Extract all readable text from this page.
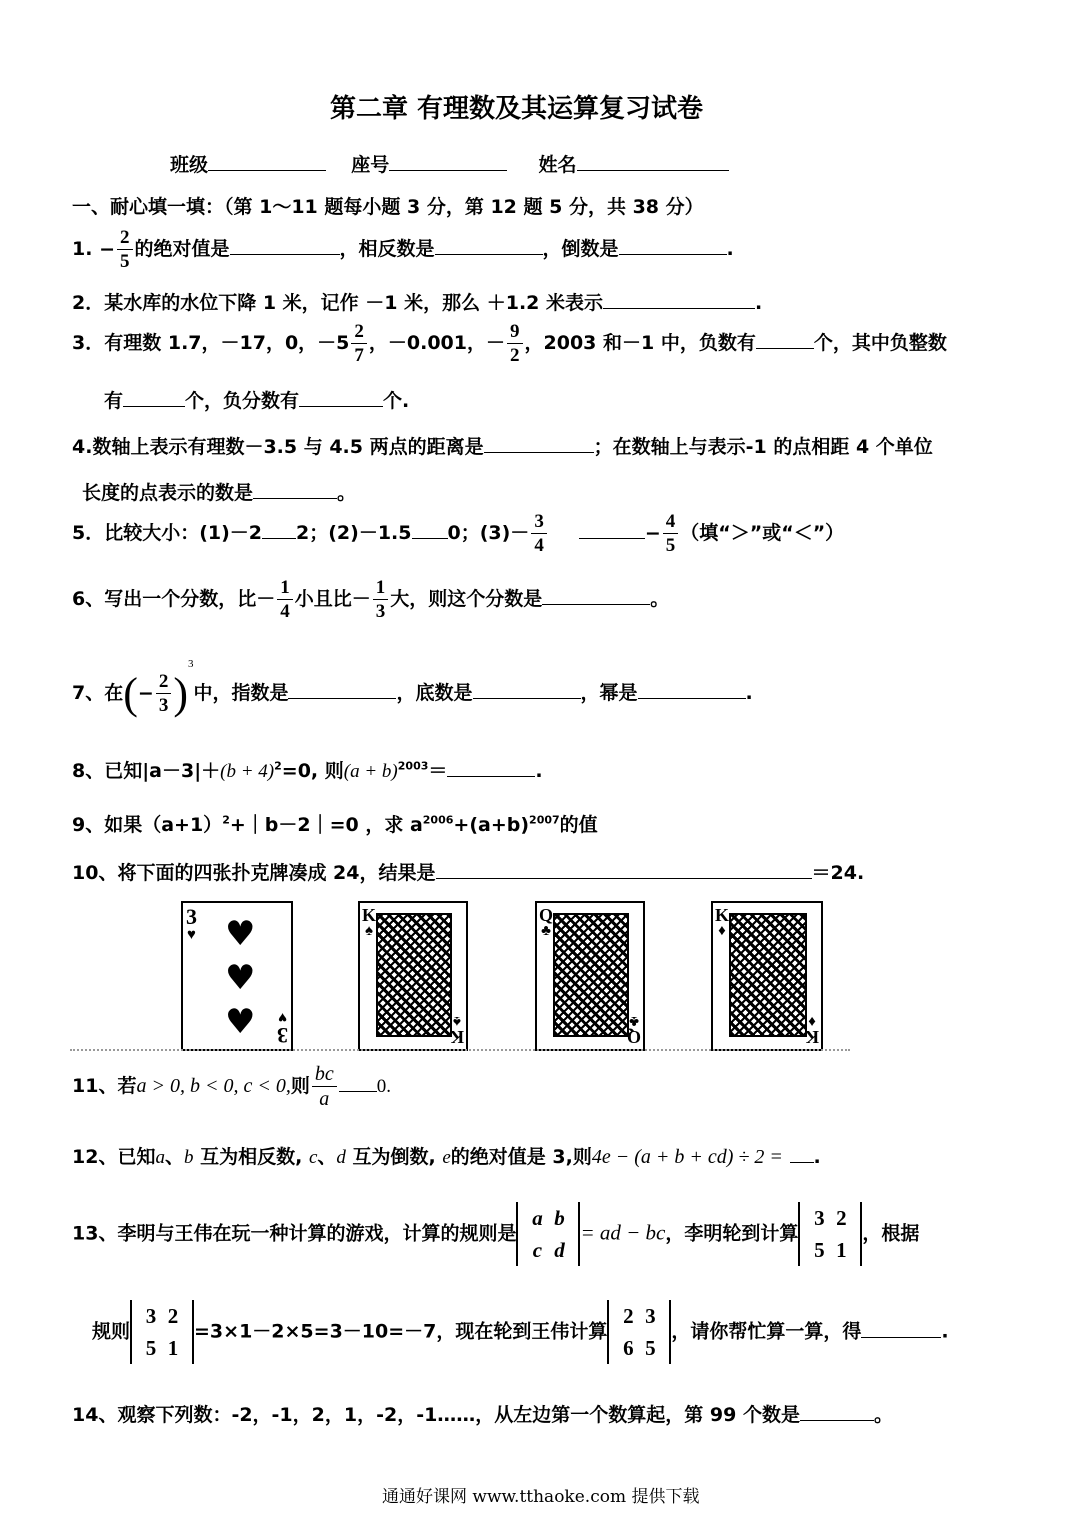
第二章 有理数及其运算复习试卷
班级	座号	姓名
一、耐心填一填：（第 1～11 题每小题 3 分，第 12 题 5 分，共 38 分）
1. − $\frac{2}{5}$ 的绝对值是	，相反数是	，倒数是	.
2．某水库的水位下降 1 米，记作 －1 米，那么 ＋1.2 米表示	.
3．有理数 1.7，－17，0，$-5 \frac{2}{7}$ ，－0.001，－ $\frac{9}{2}$ ，2003 和－1 中，负数有	个，其中负整数
有	个，负分数有	个.
4.数轴上表示有理数－3.5 与 4.5 两点的距离是	；在数轴上与表示-1 的点相距 4 个单位
长度的点表示的数是	。
5．比较大小：(1)－2 2；(2)－1.5 0；$(3)- \frac{3}{4}$	− $\frac{4}{5}$ （填“＞”或“＜”）
6、写出一个分数，比－ $\frac{1}{4}$ 小且比－ $\frac{1}{3}$ 大，则这个分数是	。
7、在(− $\frac{2}{3} )^3$中，指数是	，底数是	，幂是	.
8、已知$|a-3|+(b + 4)^2=0$, 则$(a + b)^{2003}=$	.
9、如果$(a+1)^2+|b-2|=0$ ，求 $a^{2006}+(a+b)^{2007}$的值
10、将下面的四张扑克牌凑成 24，结果是	＝24.
3
♥ ♥
♥
♥ 3
♥
K
♠
K
♠
Q
♣
Q
♣
K
♦
K
♦
11、若a > 0, b < 0, c < 0,则 $\frac{bc}{a} 0$.
12、已知a、b 互为相反数, c、d 互为倒数, e的绝对值是 3,则4e − (a + b + cd) ÷ 2 = .
13、李明与王伟在玩一种计算的游戏，计算的规则是
a b
c d
= ad − bc，李明轮到计算
3 2
5 1
，根据
规则
3 2
5 1
=3×1－2×5=3－10=－7，现在轮到王伟计算
2 3
6 5
，请你帮忙算一算，得	.
14、观察下列数：-2，-1，2，1，-2，-1……，从左边第一个数算起，第 99 个数是	。
通通好课网 www.tthaoke.com 提供下载
